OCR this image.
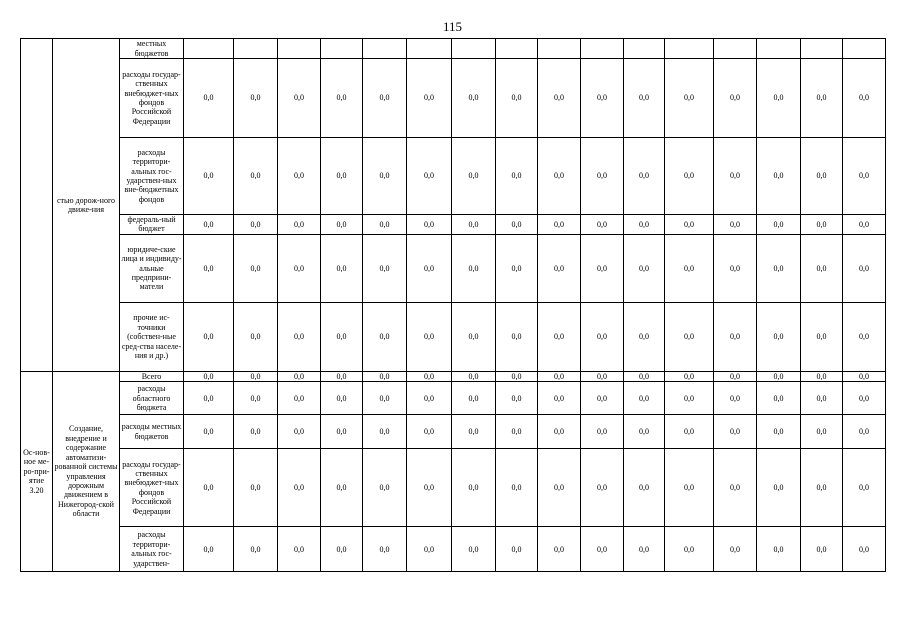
115
	стью дорож-ного движе-ния	местных бюджетов																
		расходы государ-ственных внебюджет-ных фондов Российской Федерации	0,0	0,0	0,0	0,0	0,0	0,0	0,0	0,0	0,0	0,0	0,0	0,0	0,0	0,0	0,0	0,0
		расходы территори-альных гос-ударствен-ных вне-бюджетных фондов	0,0	0,0	0,0	0,0	0,0	0,0	0,0	0,0	0,0	0,0	0,0	0,0	0,0	0,0	0,0	0,0
		федераль-ный бюджет	0,0	0,0	0,0	0,0	0,0	0,0	0,0	0,0	0,0	0,0	0,0	0,0	0,0	0,0	0,0	0,0
		юридиче-ские лица и индивиду-альные предприни-матели	0,0	0,0	0,0	0,0	0,0	0,0	0,0	0,0	0,0	0,0	0,0	0,0	0,0	0,0	0,0	0,0
		прочие ис-точники (собствен-ные сред-ства населе-ния и др.)	0,0	0,0	0,0	0,0	0,0	0,0	0,0	0,0	0,0	0,0	0,0	0,0	0,0	0,0	0,0	0,0
Ос-нов-ное ме-ро-при-ятие 3.20	Создание, внедрение и содержание автоматизи-рованной системы управления дорожным движением в Нижегород-ской области	Всего	0,0	0,0	0,0	0,0	0,0	0,0	0,0	0,0	0,0	0,0	0,0	0,0	0,0	0,0	0,0	0,0
		расходы областного бюджета	0,0	0,0	0,0	0,0	0,0	0,0	0,0	0,0	0,0	0,0	0,0	0,0	0,0	0,0	0,0	0,0
		расходы местных бюджетов	0,0	0,0	0,0	0,0	0,0	0,0	0,0	0,0	0,0	0,0	0,0	0,0	0,0	0,0	0,0	0,0
		расходы государ-ственных внебюджет-ных фондов Российской Федерации	0,0	0,0	0,0	0,0	0,0	0,0	0,0	0,0	0,0	0,0	0,0	0,0	0,0	0,0	0,0	0,0
		расходы территори-альных гос-ударствен-	0,0	0,0	0,0	0,0	0,0	0,0	0,0	0,0	0,0	0,0	0,0	0,0	0,0	0,0	0,0	0,0
